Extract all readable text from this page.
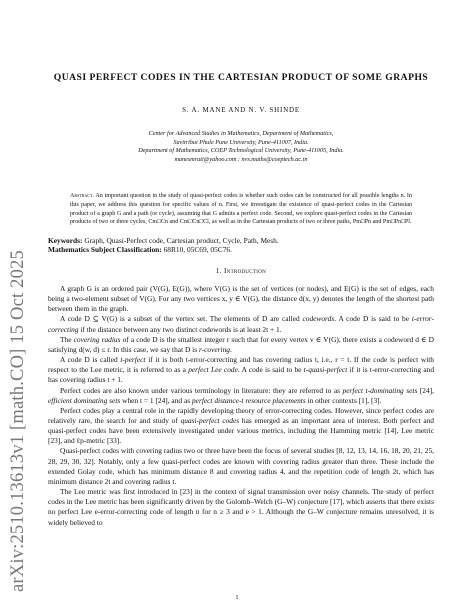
arXiv:2510.13613v1 [math.CO] 15 Oct 2025
QUASI PERFECT CODES IN THE CARTESIAN PRODUCT OF SOME GRAPHS
S. A. MANE AND N. V. SHINDE

Center for Advanced Studies in Mathematics, Department of Mathematics,

Savitribai Phule Pune University, Pune-411007, India.

Department of Mathematics, COEP Technological University, Pune-411005, India.

manesmruti@yahoo.com : nvs.maths@coeptech.ac.in

Abstract. An important question in the study of quasi-perfect codes is whether such codes can be constructed for all possible lengths n. In this paper, we address this question for specific values of n. First, we investigate the existence of quasi-perfect codes in the Cartesian product of a graph G and a path (or cycle), assuming that G admits a perfect code. Second, we explore quasi-perfect codes in the Cartesian products of two or three cycles, Cm□Cn and Cm□Cn□Cl, as well as in the Cartesian products of two or three paths, Pm□Pn and Pm□Pn□Pl.
Keywords: Graph, Quasi-Perfect code, Cartesian product, Cycle, Path, Mesh.
Mathematics Subject Classification: 68R10, 05C69, 05C76.
1. Introduction

A graph G is an ordered pair (V(G), E(G)), where V(G) is the set of vertices (or nodes), and E(G) is the set of edges, each being a two-element subset of V(G). For any two vertices x, y ∈ V(G), the distance d(x, y) denotes the length of the shortest path between them in the graph.

A code D ⊆ V(G) is a subset of the vertex set. The elements of D are called codewords. A code D is said to be t-error-correcting if the distance between any two distinct codewords is at least 2t + 1.

The covering radius of a code D is the smallest integer r such that for every vertex v ∈ V(G), there exists a codeword d ∈ D satisfying d(w, d) ≤ r. In this case, we say that D is r-covering.

A code D is called t-perfect if it is both t-error-correcting and has covering radius t, i.e., r = t. If the code is perfect with respect to the Lee metric, it is referred to as a perfect Lee code. A code is said to be t-quasi-perfect if it is t-error-correcting and has covering radius t + 1.

Perfect codes are also known under various terminology in literature: they are referred to as perfect t-dominating sets [24], efficient dominating sets when t = 1 [24], and as perfect distance-t resource placements in other contexts [1], [3].

Perfect codes play a central role in the rapidly developing theory of error-correcting codes. However, since perfect codes are relatively rare, the search for and study of quasi-perfect codes has emerged as an important area of interest. Both perfect and quasi-perfect codes have been extensively investigated under various metrics, including the Hamming metric [14], Lee metric [23], and ℓp-metric [33].

Quasi-perfect codes with covering radius two or three have been the focus of several studies [8, 12, 13, 14, 16, 18, 20, 21, 25, 28, 29, 30, 32]. Notably, only a few quasi-perfect codes are known with covering radius greater than three. These include the extended Golay code, which has minimum distance 8 and covering radius 4, and the repetition code of length 2t, which has minimum distance 2t and covering radius t.

The Lee metric was first introduced in [23] in the context of signal transmission over noisy channels. The study of perfect codes in the Lee metric has been significantly driven by the Golomb–Welch (G–W) conjecture [17], which asserts that there exists no perfect Lee e-error-correcting code of length n for n ≥ 3 and e > 1. Although the G–W conjecture remains unresolved, it is widely believed to

1
